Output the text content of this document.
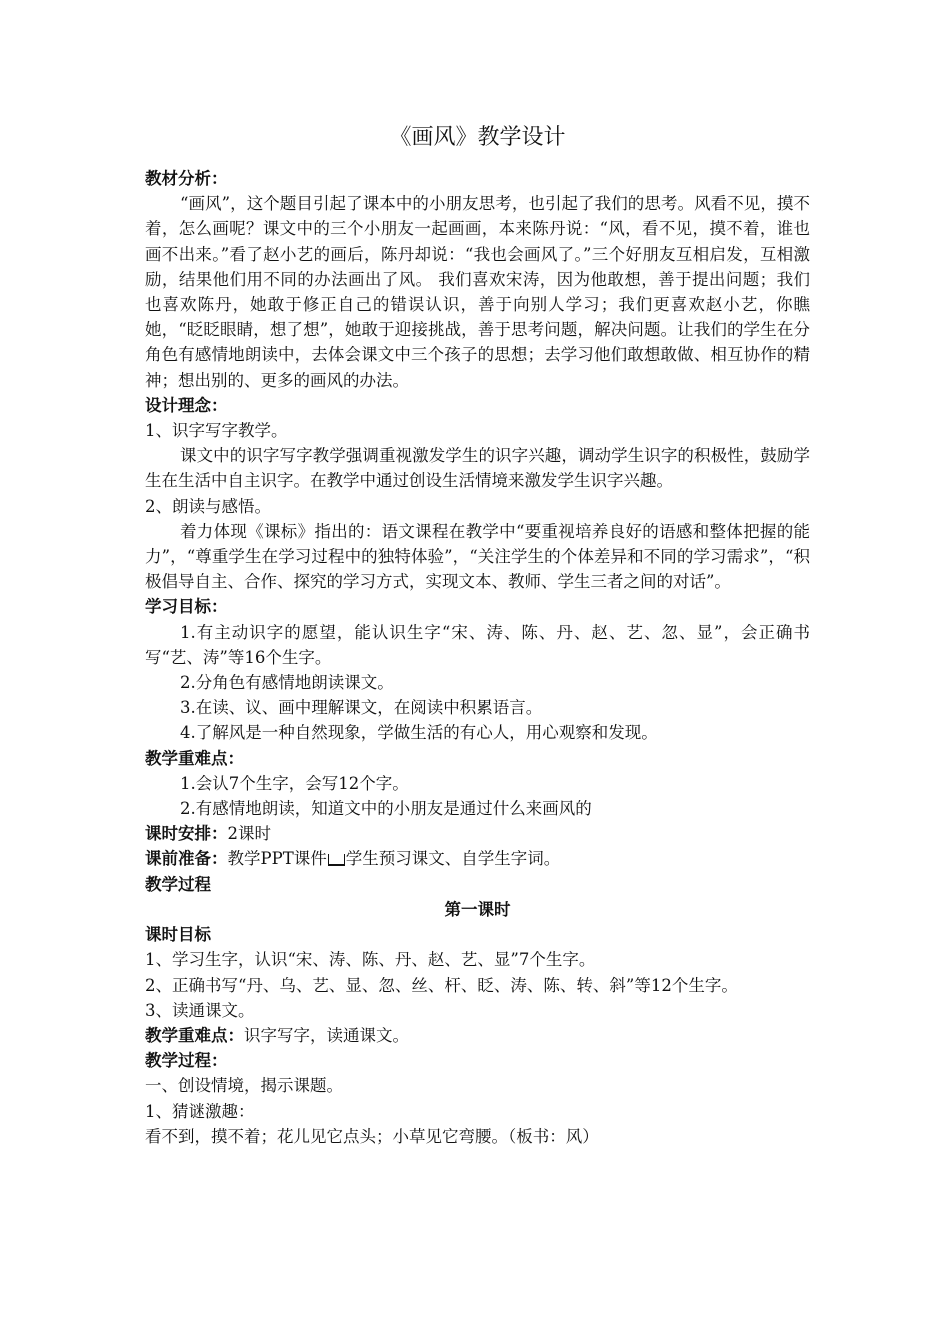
《画风》教学设计

教材分析：

“画风”，这个题目引起了课本中的小朋友思考，也引起了我们的思考。风看不见，摸不着，怎么画呢？课文中的三个小朋友一起画画，本来陈丹说：“风，看不见，摸不着，谁也画不出来。”看了赵小艺的画后，陈丹却说：“我也会画风了。”三个好朋友互相启发，互相激励，结果他们用不同的办法画出了风。 我们喜欢宋涛，因为他敢想，善于提出问题；我们也喜欢陈丹，她敢于修正自己的错误认识，善于向别人学习；我们更喜欢赵小艺，你瞧她，“眨眨眼睛，想了想”，她敢于迎接挑战，善于思考问题，解决问题。让我们的学生在分角色有感情地朗读中，去体会课文中三个孩子的思想；去学习他们敢想敢做、相互协作的精神；想出别的、更多的画风的办法。

设计理念：

1、识字写字教学。

课文中的识字写字教学强调重视激发学生的识字兴趣，调动学生识字的积极性，鼓励学生在生活中自主识字。在教学中通过创设生活情境来激发学生识字兴趣。

2、朗读与感悟。

着力体现《课标》指出的：语文课程在教学中“要重视培养良好的语感和整体把握的能力”，“尊重学生在学习过程中的独特体验”，“关注学生的个体差异和不同的学习需求”，“积极倡导自主、合作、探究的学习方式，实现文本、教师、学生三者之间的对话”。

学习目标：

1.有主动识字的愿望，能认识生字“宋、涛、陈、丹、赵、艺、忽、显”，会正确书写“艺、涛”等16个生字。

2.分角色有感情地朗读课文。

3.在读、议、画中理解课文，在阅读中积累语言。

4.了解风是一种自然现象，学做生活的有心人，用心观察和发现。

教学重难点：

1.会认7个生字，会写12个字。

2.有感情地朗读，知道文中的小朋友是通过什么来画风的

课时安排：2课时

课前准备：教学PPT课件 学生预习课文、自学生字词。

教学过程

第一课时

课时目标

1、学习生字，认识“宋、涛、陈、丹、赵、艺、显”7个生字。

2、正确书写“丹、乌、艺、显、忽、丝、杆、眨、涛、陈、转、斜”等12个生字。

3、读通课文。

教学重难点：识字写字，读通课文。

教学过程：

一、创设情境，揭示课题。

1、猜谜激趣：

看不到，摸不着；花儿见它点头；小草见它弯腰。（板书：风）
